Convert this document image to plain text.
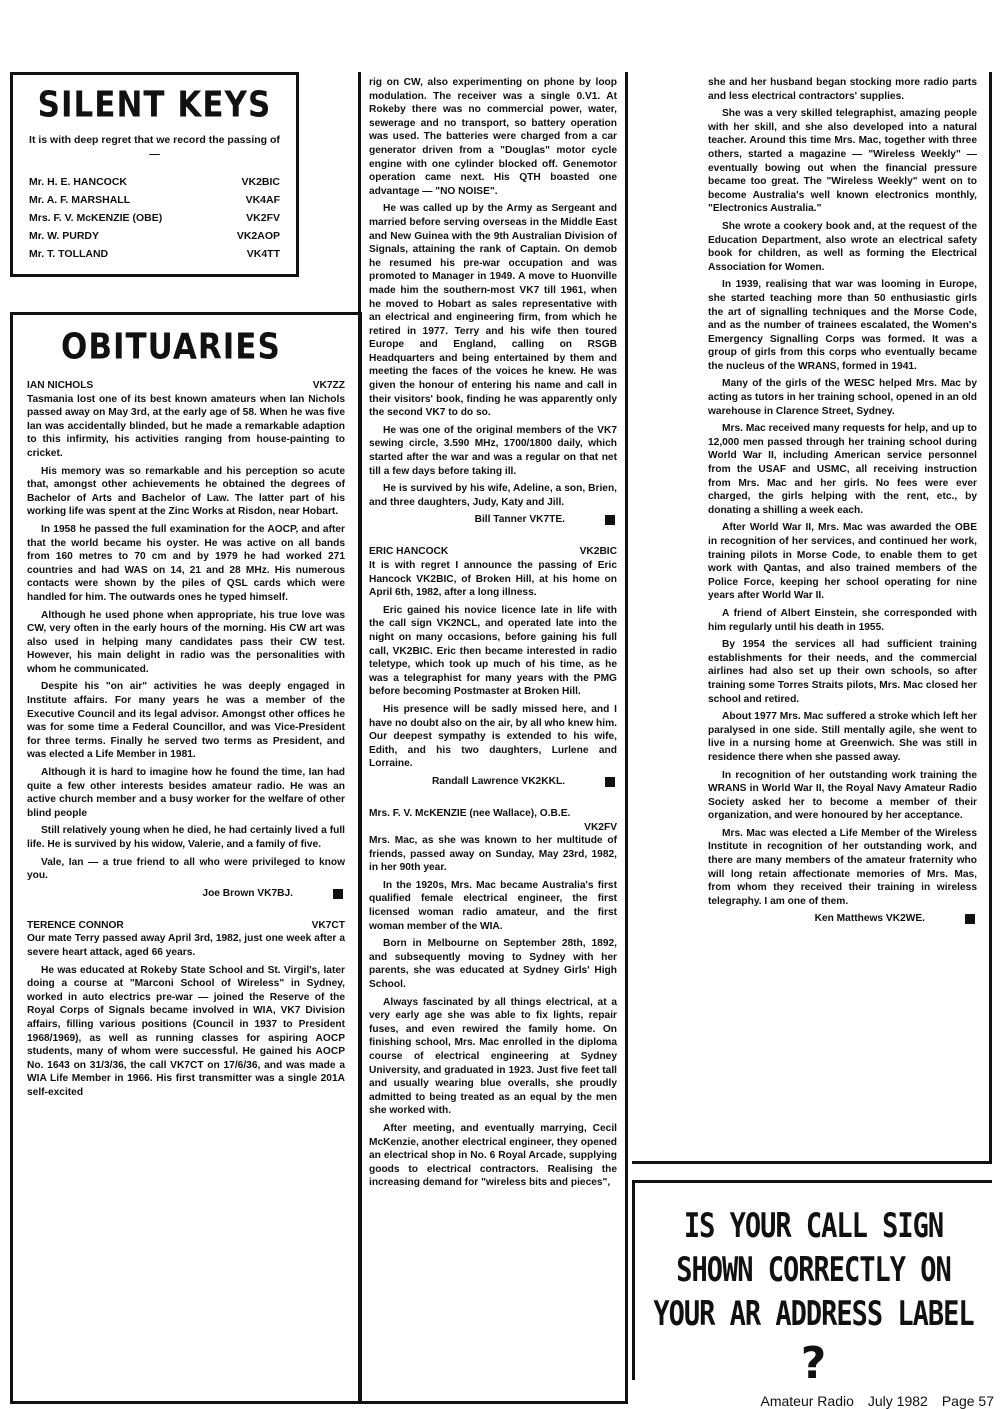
SILENT KEYS
It is with deep regret that we record the passing of —
Mr. H. E. HANCOCK	VK2BIC
Mr. A. F. MARSHALL	VK4AF
Mrs. F. V. McKENZIE (OBE)	VK2FV
Mr. W. PURDY	VK2AOP
Mr. T. TOLLAND	VK4TT
OBITUARIES
IAN NICHOLS	VK7ZZ

Tasmania lost one of its best known amateurs when Ian Nichols passed away on May 3rd, at the early age of 58. When he was five Ian was accidentally blinded, but he made a remarkable adaption to this infirmity, his activities ranging from house-painting to cricket.

His memory was so remarkable and his perception so acute that, amongst other achievements he obtained the degrees of Bachelor of Arts and Bachelor of Law. The latter part of his working life was spent at the Zinc Works at Risdon, near Hobart.

In 1958 he passed the full examination for the AOCP, and after that the world became his oyster. He was active on all bands from 160 metres to 70 cm and by 1979 he had worked 271 countries and had WAS on 14, 21 and 28 MHz. His numerous contacts were shown by the piles of QSL cards which were handled for him. The outwards ones he typed himself.

Although he used phone when appropriate, his true love was CW, very often in the early hours of the morning. His CW art was also used in helping many candidates pass their CW test. However, his main delight in radio was the personalities with whom he communicated.

Despite his "on air" activities he was deeply engaged in Institute affairs. For many years he was a member of the Executive Council and its legal advisor. Amongst other offices he was for some time a Federal Councillor, and was Vice-President for three terms. Finally he served two terms as President, and was elected a Life Member in 1981.

Although it is hard to imagine how he found the time, Ian had quite a few other interests besides amateur radio. He was an active church member and a busy worker for the welfare of other blind people

Still relatively young when he died, he had certainly lived a full life. He is survived by his widow, Valerie, and a family of five.

Vale, Ian — a true friend to all who were privileged to know you.

Joe Brown VK7BJ.
TERENCE CONNOR	VK7CT

Our mate Terry passed away April 3rd, 1982, just one week after a severe heart attack, aged 66 years.

He was educated at Rokeby State School and St. Virgil's, later doing a course at "Marconi School of Wireless" in Sydney, worked in auto electrics pre-war — joined the Reserve of the Royal Corps of Signals became involved in WIA, VK7 Division affairs, filling various positions (Council in 1937 to President 1968/1969), as well as running classes for aspiring AOCP students, many of whom were successful. He gained his AOCP No. 1643 on 31/3/36, the call VK7CT on 17/6/36, and was made a WIA Life Member in 1966. His first transmitter was a single 201A self-excited

rig on CW, also experimenting on phone by loop modulation. The receiver was a single 0.V1. At Rokeby there was no commercial power, water, sewerage and no transport, so battery operation was used. The batteries were charged from a car generator driven from a "Douglas" motor cycle engine with one cylinder blocked off. Genemotor operation came next. His QTH boasted one advantage — "NO NOISE".

He was called up by the Army as Sergeant and married before serving overseas in the Middle East and New Guinea with the 9th Australian Division of Signals, attaining the rank of Captain. On demob he resumed his pre-war occupation and was promoted to Manager in 1949. A move to Huonville made him the southern-most VK7 till 1961, when he moved to Hobart as sales representative with an electrical and engineering firm, from which he retired in 1977. Terry and his wife then toured Europe and England, calling on RSGB Headquarters and being entertained by them and meeting the faces of the voices he knew. He was given the honour of entering his name and call in their visitors' book, finding he was apparently only the second VK7 to do so.

He was one of the original members of the VK7 sewing circle, 3.590 MHz, 1700/1800 daily, which started after the war and was a regular on that net till a few days before taking ill.

He is survived by his wife, Adeline, a son, Brien, and three daughters, Judy, Katy and Jill.

Bill Tanner VK7TE.
ERIC HANCOCK	VK2BIC

It is with regret I announce the passing of Eric Hancock VK2BIC, of Broken Hill, at his home on April 6th, 1982, after a long illness.

Eric gained his novice licence late in life with the call sign VK2NCL, and operated late into the night on many occasions, before gaining his full call, VK2BIC. Eric then became interested in radio teletype, which took up much of his time, as he was a telegraphist for many years with the PMG before becoming Postmaster at Broken Hill.

His presence will be sadly missed here, and I have no doubt also on the air, by all who knew him. Our deepest sympathy is extended to his wife, Edith, and his two daughters, Lurlene and Lorraine.

Randall Lawrence VK2KKL.
Mrs. F. V. McKENZIE (nee Wallace), O.B.E.
VK2FV

Mrs. Mac, as she was known to her multitude of friends, passed away on Sunday, May 23rd, 1982, in her 90th year.

In the 1920s, Mrs. Mac became Australia's first qualified female electrical engineer, the first licensed woman radio amateur, and the first woman member of the WIA.

Born in Melbourne on September 28th, 1892, and subsequently moving to Sydney with her parents, she was educated at Sydney Girls' High School.

Always fascinated by all things electrical, at a very early age she was able to fix lights, repair fuses, and even rewired the family home. On finishing school, Mrs. Mac enrolled in the diploma course of electrical engineering at Sydney University, and graduated in 1923. Just five feet tall and usually wearing blue overalls, she proudly admitted to being treated as an equal by the men she worked with.

After meeting, and eventually marrying, Cecil McKenzie, another electrical engineer, they opened an electrical shop in No. 6 Royal Arcade, supplying goods to electrical contractors. Realising the increasing demand for "wireless bits and pieces",

she and her husband began stocking more radio parts and less electrical contractors' supplies.

She was a very skilled telegraphist, amazing people with her skill, and she also developed into a natural teacher. Around this time Mrs. Mac, together with three others, started a magazine — "Wireless Weekly" — eventually bowing out when the financial pressure became too great. The "Wireless Weekly" went on to become Australia's well known electronics monthly, "Electronics Australia."

She wrote a cookery book and, at the request of the Education Department, also wrote an electrical safety book for children, as well as forming the Electrical Association for Women.

In 1939, realising that war was looming in Europe, she started teaching more than 50 enthusiastic girls the art of signalling techniques and the Morse Code, and as the number of trainees escalated, the Women's Emergency Signalling Corps was formed. It was a group of girls from this corps who eventually became the nucleus of the WRANS, formed in 1941.

Many of the girls of the WESC helped Mrs. Mac by acting as tutors in her training school, opened in an old warehouse in Clarence Street, Sydney.

Mrs. Mac received many requests for help, and up to 12,000 men passed through her training school during World War II, including American service personnel from the USAF and USMC, all receiving instruction from Mrs. Mac and her girls. No fees were ever charged, the girls helping with the rent, etc., by donating a shilling a week each.

After World War II, Mrs. Mac was awarded the OBE in recognition of her services, and continued her work, training pilots in Morse Code, to enable them to get work with Qantas, and also trained members of the Police Force, keeping her school operating for nine years after World War II.

A friend of Albert Einstein, she corresponded with him regularly until his death in 1955.

By 1954 the services all had sufficient training establishments for their needs, and the commercial airlines had also set up their own schools, so after training some Torres Straits pilots, Mrs. Mac closed her school and retired.

About 1977 Mrs. Mac suffered a stroke which left her paralysed in one side. Still mentally agile, she went to live in a nursing home at Greenwich. She was still in residence there when she passed away.

In recognition of her outstanding work training the WRANS in World War II, the Royal Navy Amateur Radio Society asked her to become a member of their organization, and were honoured by her acceptance.

Mrs. Mac was elected a Life Member of the Wireless Institute in recognition of her outstanding work, and there are many members of the amateur fraternity who will long retain affectionate memories of Mrs. Mas, from whom they received their training in wireless telegraphy. I am one of them.

Ken Matthews VK2WE.
IS YOUR CALL SIGN
SHOWN CORRECTLY ON
YOUR AR ADDRESS LABEL
?
Amateur Radio July 1982 Page 57
